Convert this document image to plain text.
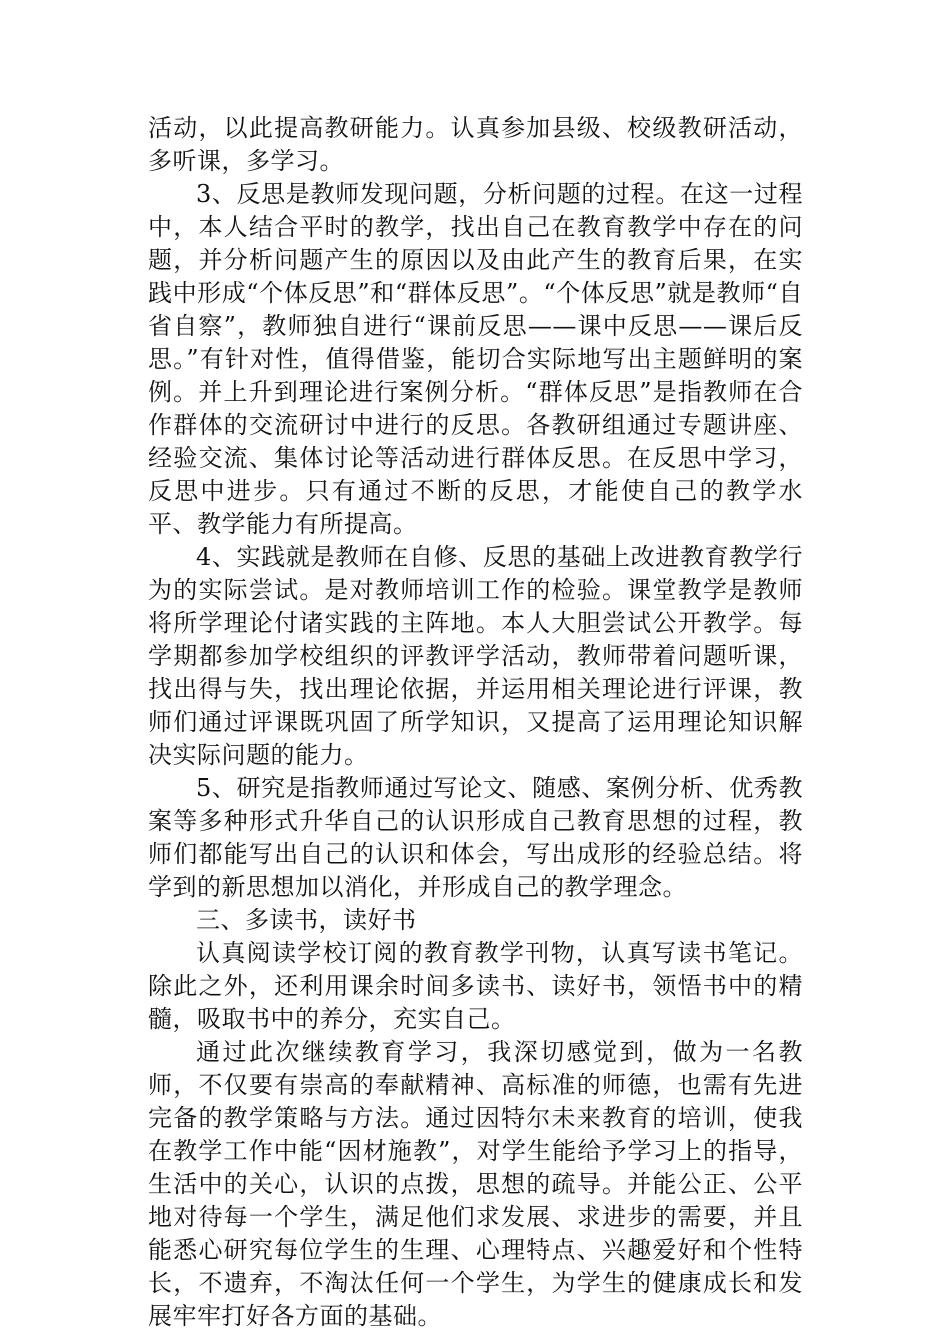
活动，以此提高教研能力。认真参加县级、校级教研活动，多听课，多学习。

3、反思是教师发现问题，分析问题的过程。在这一过程中，本人结合平时的教学，找出自己在教育教学中存在的问题，并分析问题产生的原因以及由此产生的教育后果，在实践中形成“个体反思”和“群体反思”。“个体反思”就是教师“自省自察”，教师独自进行“课前反思——课中反思——课后反思。”有针对性，值得借鉴，能切合实际地写出主题鲜明的案例。并上升到理论进行案例分析。“群体反思”是指教师在合作群体的交流研讨中进行的反思。各教研组通过专题讲座、经验交流、集体讨论等活动进行群体反思。在反思中学习，反思中进步。只有通过不断的反思，才能使自己的教学水平、教学能力有所提高。

4、实践就是教师在自修、反思的基础上改进教育教学行为的实际尝试。是对教师培训工作的检验。课堂教学是教师将所学理论付诸实践的主阵地。本人大胆尝试公开教学。每学期都参加学校组织的评教评学活动，教师带着问题听课，找出得与失，找出理论依据，并运用相关理论进行评课，教师们通过评课既巩固了所学知识，又提高了运用理论知识解决实际问题的能力。

5、研究是指教师通过写论文、随感、案例分析、优秀教案等多种形式升华自己的认识形成自己教育思想的过程，教师们都能写出自己的认识和体会，写出成形的经验总结。将学到的新思想加以消化，并形成自己的教学理念。

三、多读书，读好书

认真阅读学校订阅的教育教学刊物，认真写读书笔记。除此之外，还利用课余时间多读书、读好书，领悟书中的精髓，吸取书中的养分，充实自己。

通过此次继续教育学习，我深切感觉到，做为一名教师，不仅要有崇高的奉献精神、高标准的师德，也需有先进完备的教学策略与方法。通过因特尔未来教育的培训，使我在教学工作中能“因材施教”，对学生能给予学习上的指导，生活中的关心，认识的点拨，思想的疏导。并能公正、公平地对待每一个学生，满足他们求发展、求进步的需要，并且能悉心研究每位学生的生理、心理特点、兴趣爱好和个性特长，不遗弃，不淘汰任何一个学生，为学生的健康成长和发展牢牢打好各方面的基础。
